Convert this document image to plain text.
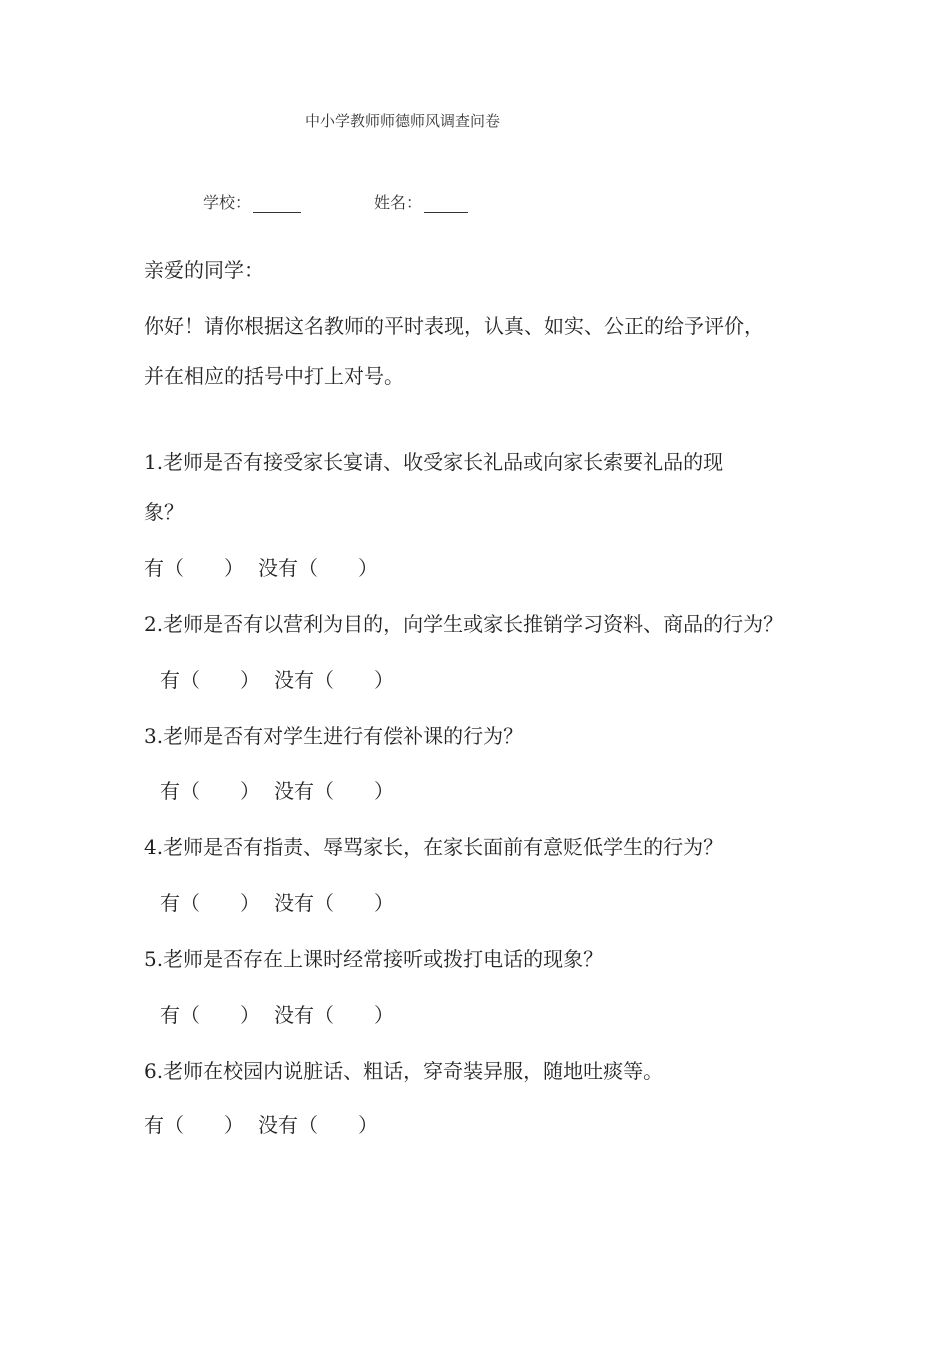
中小学教师师德师风调查问卷
学校：	姓名：
亲爱的同学：
你好！请你根据这名教师的平时表现，认真、如实、公正的给予评价，
并在相应的括号中打上对号。
1.老师是否有接受家长宴请、收受家长礼品或向家长索要礼品的现
象？
有（　　） 没有（　　）
2.老师是否有以营利为目的，向学生或家长推销学习资料、商品的行为？
有（　　） 没有（　　）
3.老师是否有对学生进行有偿补课的行为？
有（　　） 没有（　　）
4.老师是否有指责、辱骂家长，在家长面前有意贬低学生的行为？
有（　　） 没有（　　）
5.老师是否存在上课时经常接听或拨打电话的现象？
有（　　） 没有（　　）
6.老师在校园内说脏话、粗话，穿奇装异服，随地吐痰等。
有（　　） 没有（　　）
